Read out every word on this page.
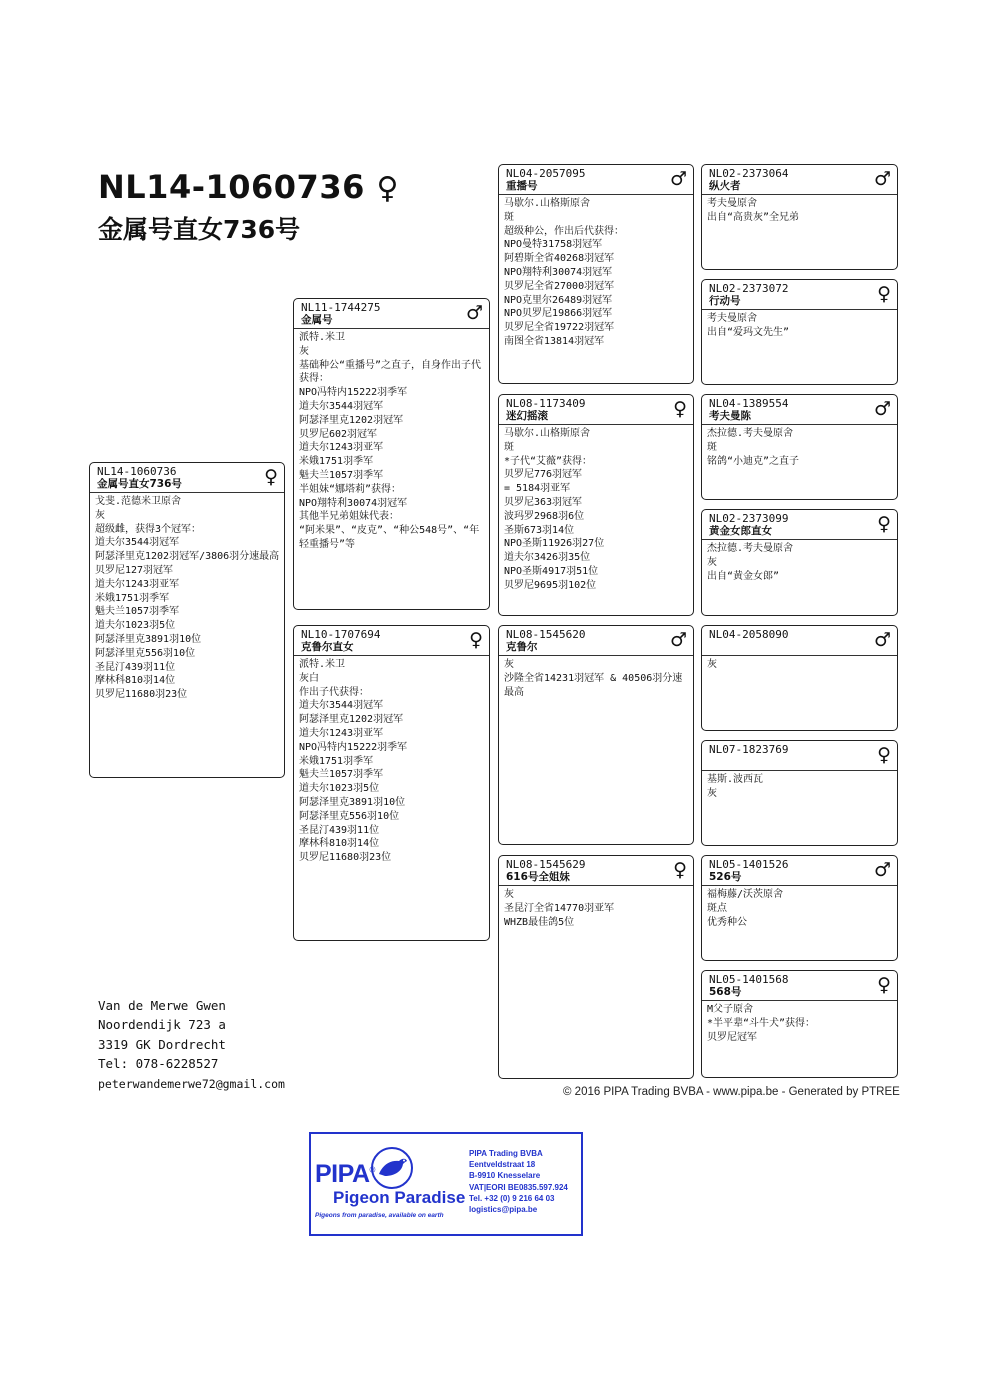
NL14-1060736 ♀
金属号直女736号
NL14-1060736
金属号直女736号	♀
戈斐.范德米卫原舍
灰
超级雌，获得3个冠军：
道夫尔3544羽冠军
阿瑟泽里克1202羽冠军/3806羽分速最高
贝罗尼127羽冠军
道夫尔1243羽亚军
米娥1751羽季军
魁夫兰1057羽季军
道夫尔1023羽5位
阿瑟泽里克3891羽10位
阿瑟泽里克556羽10位
圣昆汀439羽11位
摩林科810羽14位
贝罗尼11680羽23位
NL11-1744275
金属号	♂
派特.米卫
灰
基础种公“重播号”之直子，自身作出子代获得：
NPO冯特内15222羽季军
道夫尔3544羽冠军
阿瑟泽里克1202羽冠军
贝罗尼602羽冠军
道夫尔1243羽亚军
米娥1751羽季军
魁夫兰1057羽季军
半姐妹“娜塔莉”获得：
NPO翔特利30074羽冠军
其他半兄弟姐妹代表：
“阿米果”、“皮克”、“种公548号”、“年轻重播号”等
NL10-1707694
克鲁尔直女	♀
派特.米卫
灰白
作出子代获得：
道夫尔3544羽冠军
阿瑟泽里克1202羽冠军
道夫尔1243羽亚军
NPO冯特内15222羽季军
米娥1751羽季军
魁夫兰1057羽季军
道夫尔1023羽5位
阿瑟泽里克3891羽10位
阿瑟泽里克556羽10位
圣昆汀439羽11位
摩林科810羽14位
贝罗尼11680羽23位
NL04-2057095
重播号	♂
马歇尔.山格斯原舍
斑
超级种公，作出后代获得：
NPO曼特31758羽冠军
阿碧斯全省40268羽冠军
NPO翔特利30074羽冠军
贝罗尼全省27000羽冠军
NPO克里尔26489羽冠军
NPO贝罗尼19866羽冠军
贝罗尼全省19722羽冠军
南图全省13814羽冠军
NL08-1173409
迷幻摇滚	♀
马歇尔.山格斯原舍
斑
*子代“艾薇”获得：
贝罗尼776羽冠军
= 5184羽亚军
贝罗尼363羽冠军
波玛罗2968羽6位
圣斯673羽14位
NPO圣斯11926羽27位
道夫尔3426羽35位
NPO圣斯4917羽51位
贝罗尼9695羽102位
NL08-1545620
克鲁尔	♂
灰
沙隆全省14231羽冠军 & 40506羽分速最高
NL08-1545629
616号全姐妹	♀
灰
圣昆汀全省14770羽亚军
WHZB最佳鸽5位
NL02-2373064
纵火者	♂
考夫曼原舍
出自“高贵灰”全兄弟
NL02-2373072
行动号	♀
考夫曼原舍
出自“爱玛文先生”
NL04-1389554
考夫曼陈	♂
杰拉德.考夫曼原舍
斑
铭鸽“小迪克”之直子
NL02-2373099
黄金女郎直女	♀
杰拉德.考夫曼原舍
灰
出自“黄金女郎”
NL04-2058090	♂
灰
NL07-1823769	♀
基斯.波西瓦
灰
NL05-1401526
526号	♂
福梅藤/沃茨原舍
斑点
优秀种公
NL05-1401568
568号	♀
M父子原舍
*半平辈“斗牛犬”获得：
贝罗尼冠军
Van de Merwe Gwen
Noordendijk 723 a
3319 GK Dordrecht
Tel: 078-6228527
peterwandemerwe72@gmail.com
© 2016 PIPA Trading BVBA - www.pipa.be - Generated by PTREE
PIPA®
Pigeon Paradise
Pigeons from paradise, available on earth
PIPA Trading BVBA
Eentveldstraat 18
B-9910 Knesselare
VAT|EORI BE0835.597.924
Tel. +32 (0) 9 216 64 03
logistics@pipa.be
